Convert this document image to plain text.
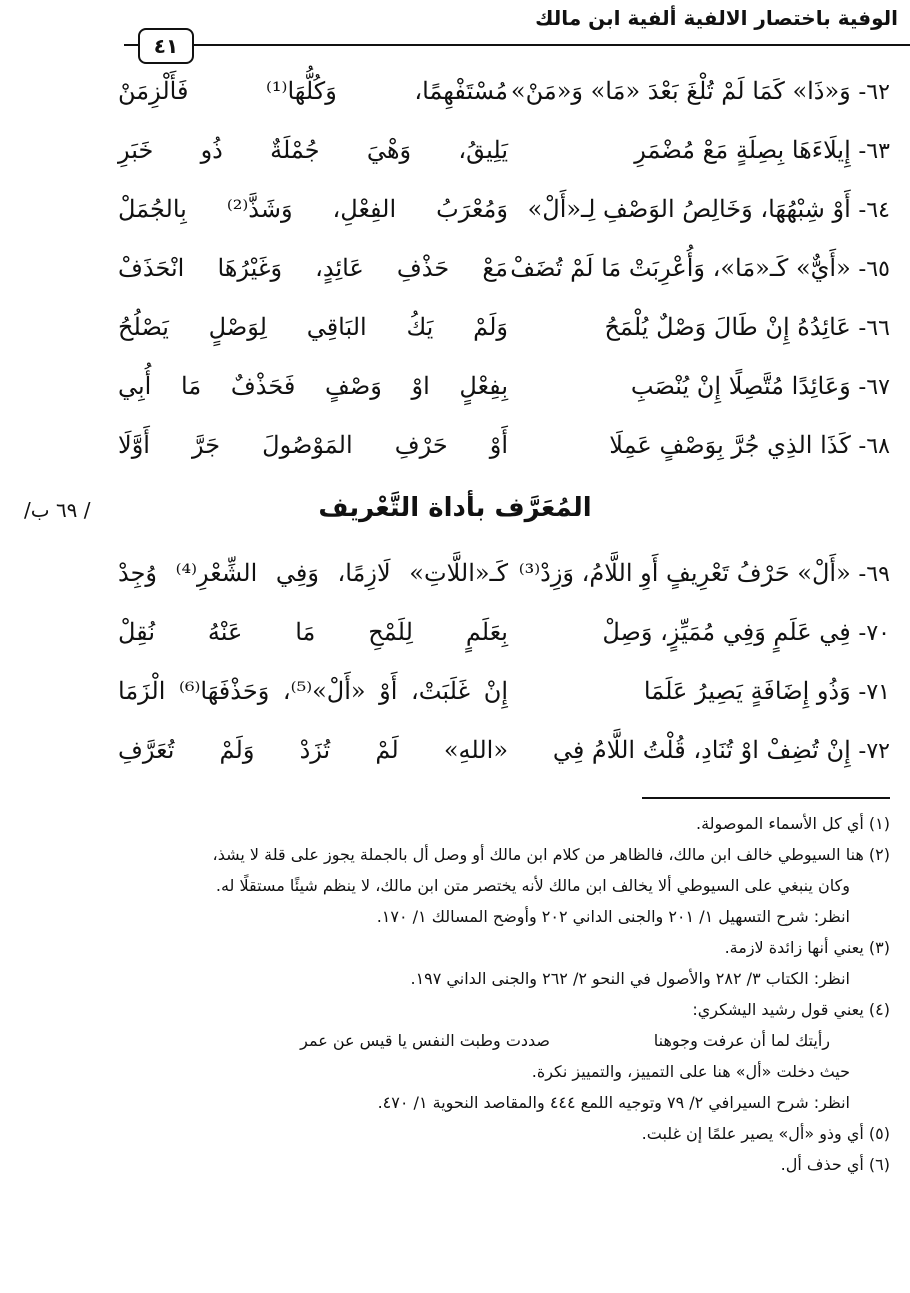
الوفية باختصار الالفية ألفية ابن مالك
٤١
٦٢- وَ«ذَا» كَمَا لَمْ تُلْغَ بَعْدَ «مَا» وَ«مَنْ»
مُسْتَفْهِمًا، وَكُلُّهَا⁽¹⁾ فَأَلْزِمَنْ
٦٣- إِيلَاءَهَا بِصِلَةٍ مَعْ مُضْمَرِ
يَلِيقُ، وَهْيَ جُمْلَةٌ ذُو خَبَرِ
٦٤- أَوْ شِبْهُهَا، وَخَالِصُ الوَصْفِ لِـ«أَلْ»
وَمُعْرَبُ الفِعْلِ، وَشَذَّ⁽²⁾ بِالجُمَلْ
٦٥- «أَيٌّ» كَـ«مَا»، وَأُعْرِبَتْ مَا لَمْ تُضَفْ
مَعْ حَذْفِ عَائِدٍ، وَغَيْرُهَا انْحَذَفْ
٦٦- عَائِدُهُ إِنْ طَالَ وَصْلٌ يُلْمَحُ
وَلَمْ يَكُ البَاقِي لِوَصْلٍ يَصْلُحُ
٦٧- وَعَائِدًا مُتَّصِلًا إِنْ يُنْصَبِ
بِفِعْلٍ اوْ وَصْفٍ فَحَذْفٌ مَا أُبِي
٦٨- كَذَا الذِي جُرَّ بِوَصْفٍ عَمِلَا
أَوْ حَرْفِ المَوْصُولَ جَرَّ أَوَّلَا
المُعَرَّف بأداة التَّعْريف
/ ٦٩ ب/
٦٩- «أَلْ» حَرْفُ تَعْرِيفٍ أَوِ اللَّامُ، وَزِدْ⁽³⁾
كَـ«اللَّاتِ» لَازِمًا، وَفِي الشِّعْرِ⁽⁴⁾ وُجِدْ
٧٠- فِي عَلَمٍ وَفِي مُمَيِّزٍ، وَصِلْ
بِعَلَمٍ لِلَمْحِ مَا عَنْهُ نُقِلْ
٧١- وَذُو إِضَافَةٍ يَصِيرُ عَلَمَا
إِنْ غَلَبَتْ، أَوْ «أَلْ»⁽⁵⁾، وَحَذْفَهَا⁽⁶⁾ الْزَمَا
٧٢- إِنْ تُضِفْ اوْ تُنَادِ، قُلْتُ اللَّامُ فِي
«اللهِ» لَمْ تُزَدْ وَلَمْ تُعَرَّفِ
(١) أي كل الأسماء الموصولة.
(٢) هنا السيوطي خالف ابن مالك، فالظاهر من كلام ابن مالك أو وصل أل بالجملة يجوز على قلة لا يشذ،
وكان ينبغي على السيوطي ألا يخالف ابن مالك لأنه يختصر متن ابن مالك، لا ينظم شيئًا مستقلًا له.
انظر: شرح التسهيل ١/ ٢٠١ والجنى الداني ٢٠٢ وأوضح المسالك ١/ ١٧٠.
(٣) يعني أنها زائدة لازمة.
انظر: الكتاب ٣/ ٢٨٢ والأصول في النحو ٢/ ٢٦٢ والجنى الداني ١٩٧.
(٤) يعني قول رشيد اليشكري:
رأيتك لما أن عرفت وجوهنا
صددت وطبت النفس يا قيس عن عمر
حيث دخلت «أل» هنا على التمييز، والتمييز نكرة.
انظر: شرح السيرافي ٢/ ٧٩ وتوجيه اللمع ٤٤٤ والمقاصد النحوية ١/ ٤٧٠.
(٥) أي وذو «أل» يصير علمًا إن غلبت.
(٦) أي حذف أل.
